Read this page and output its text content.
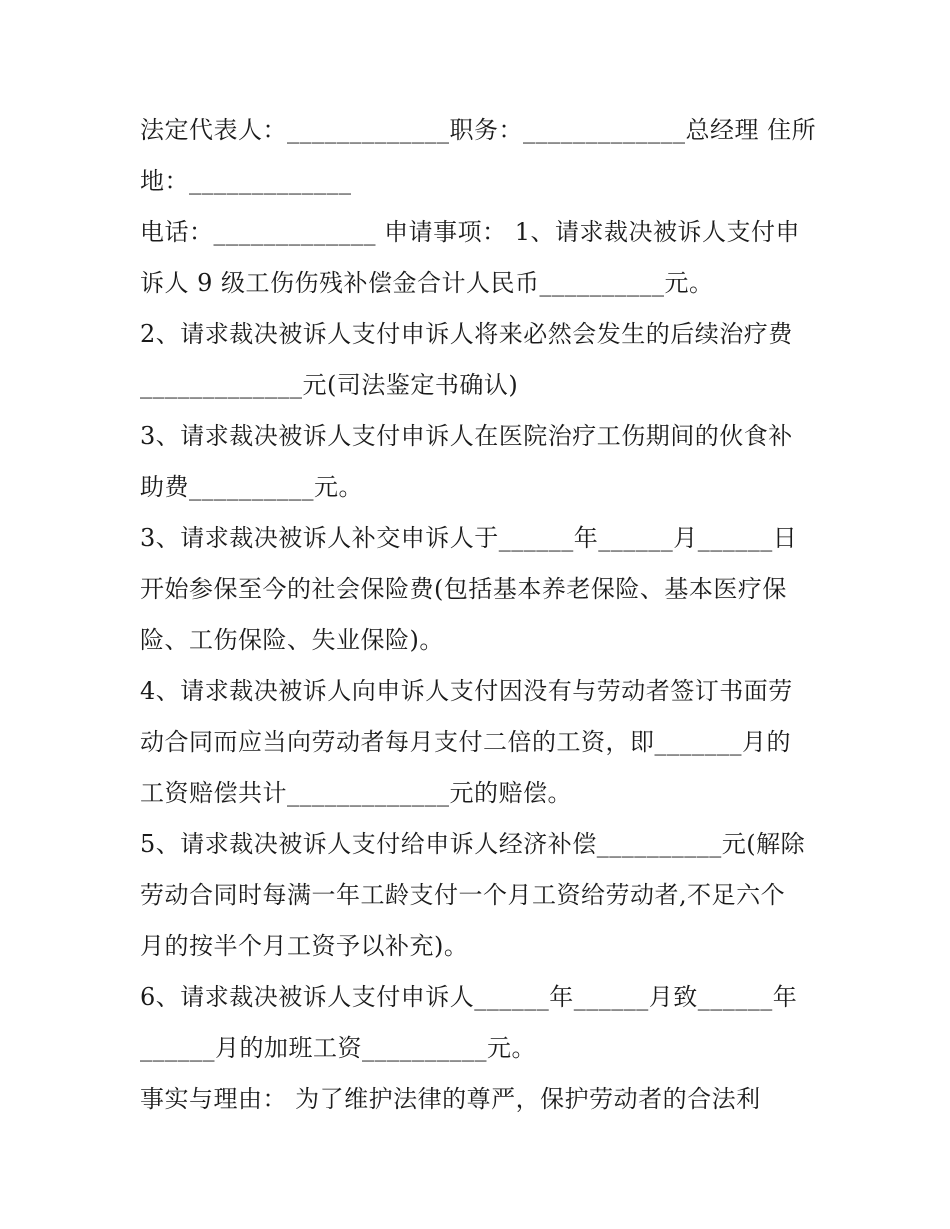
法定代表人：_____________职务：_____________总经理 住所
地：_____________
电话：_____________ 申请事项： 1、请求裁决被诉人支付申
诉人 9 级工伤伤残补偿金合计人民币__________元。
2、请求裁决被诉人支付申诉人将来必然会发生的后续治疗费
_____________元(司法鉴定书确认)
3、请求裁决被诉人支付申诉人在医院治疗工伤期间的伙食补
助费__________元。
3、请求裁决被诉人补交申诉人于______年______月______日
开始参保至今的社会保险费(包括基本养老保险、基本医疗保
险、工伤保险、失业保险)。
4、请求裁决被诉人向申诉人支付因没有与劳动者签订书面劳
动合同而应当向劳动者每月支付二倍的工资，即_______月的
工资赔偿共计_____________元的赔偿。
5、请求裁决被诉人支付给申诉人经济补偿__________元(解除
劳动合同时每满一年工龄支付一个月工资给劳动者,不足六个
月的按半个月工资予以补充)。
6、请求裁决被诉人支付申诉人______年______月致______年
______月的加班工资__________元。
事实与理由： 为了维护法律的尊严，保护劳动者的合法利
